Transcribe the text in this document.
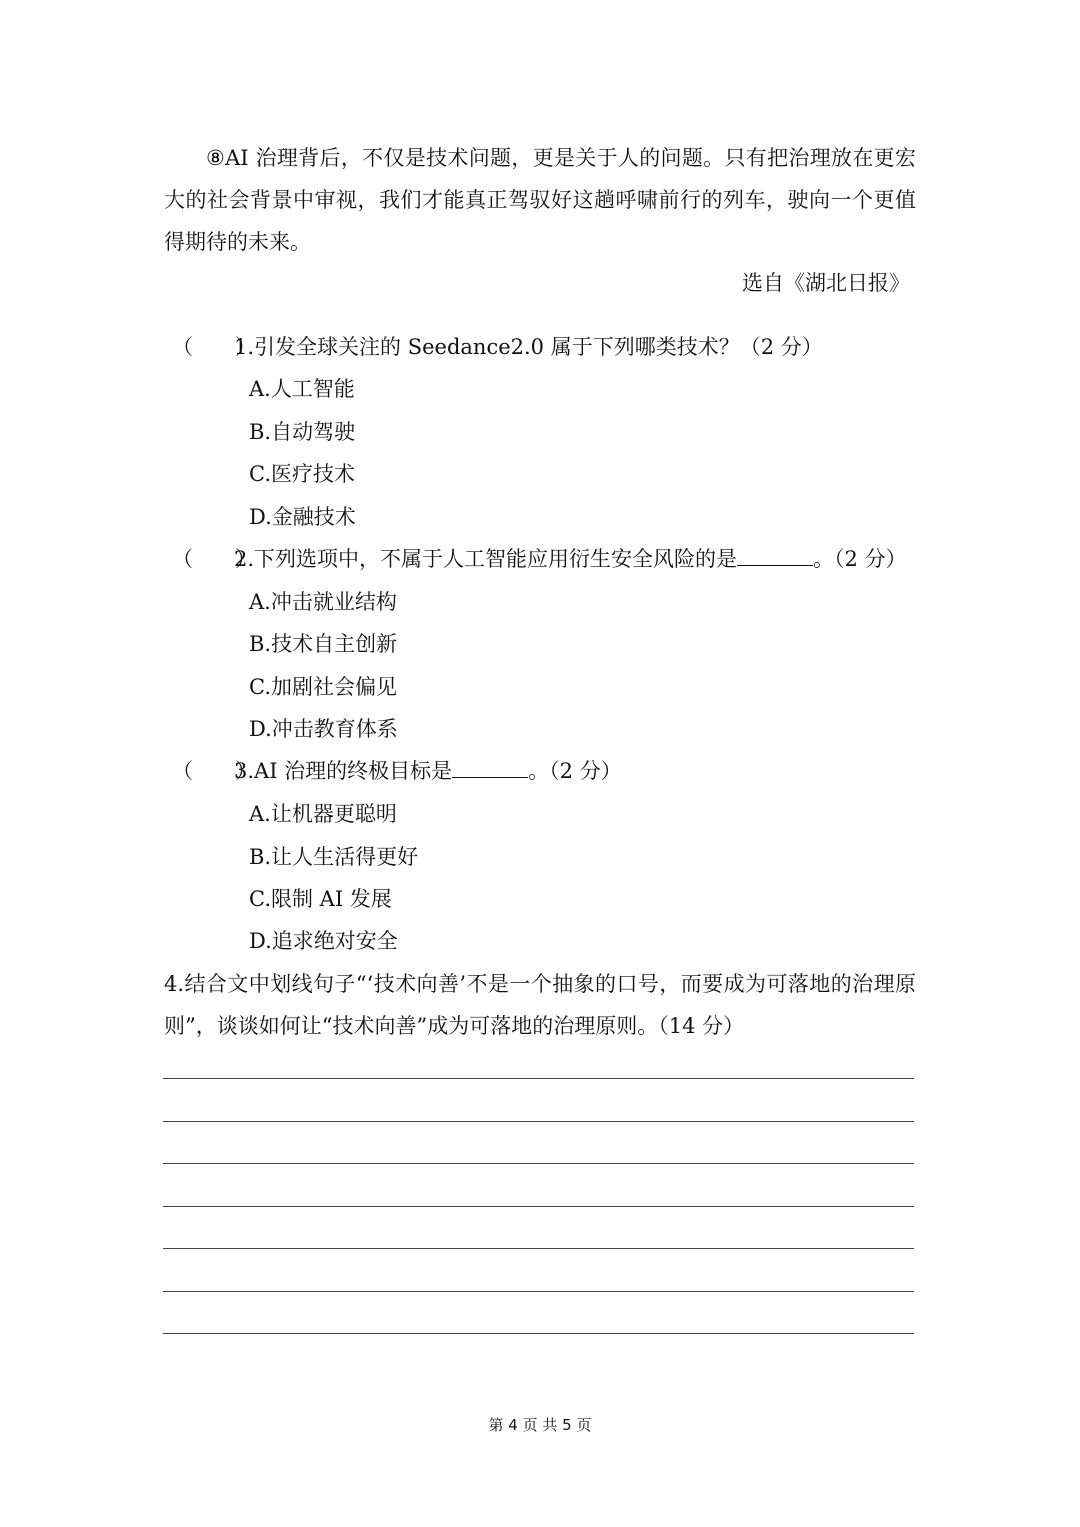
⑧AI 治理背后，不仅是技术问题，更是关于人的问题。只有把治理放在更宏大的社会背景中审视，我们才能真正驾驭好这趟呼啸前行的列车，驶向一个更值得期待的未来。

选自《湖北日报》

（　　）1.引发全球关注的 Seedance2.0 属于下列哪类技术？（2 分）
A.人工智能
B.自动驾驶
C.医疗技术
D.金融技术
（　　）2.下列选项中，不属于人工智能应用衍生安全风险的是	。（2 分）
A.冲击就业结构
B.技术自主创新
C.加剧社会偏见
D.冲击教育体系
（　　）3.AI 治理的终极目标是	。（2 分）
A.让机器更聪明
B.让人生活得更好
C.限制 AI 发展
D.追求绝对安全

4.结合文中划线句子“‘技术向善’不是一个抽象的口号，而要成为可落地的治理原则”，谈谈如何让“技术向善”成为可落地的治理原则。（14 分）

第 4 页 共 5 页
